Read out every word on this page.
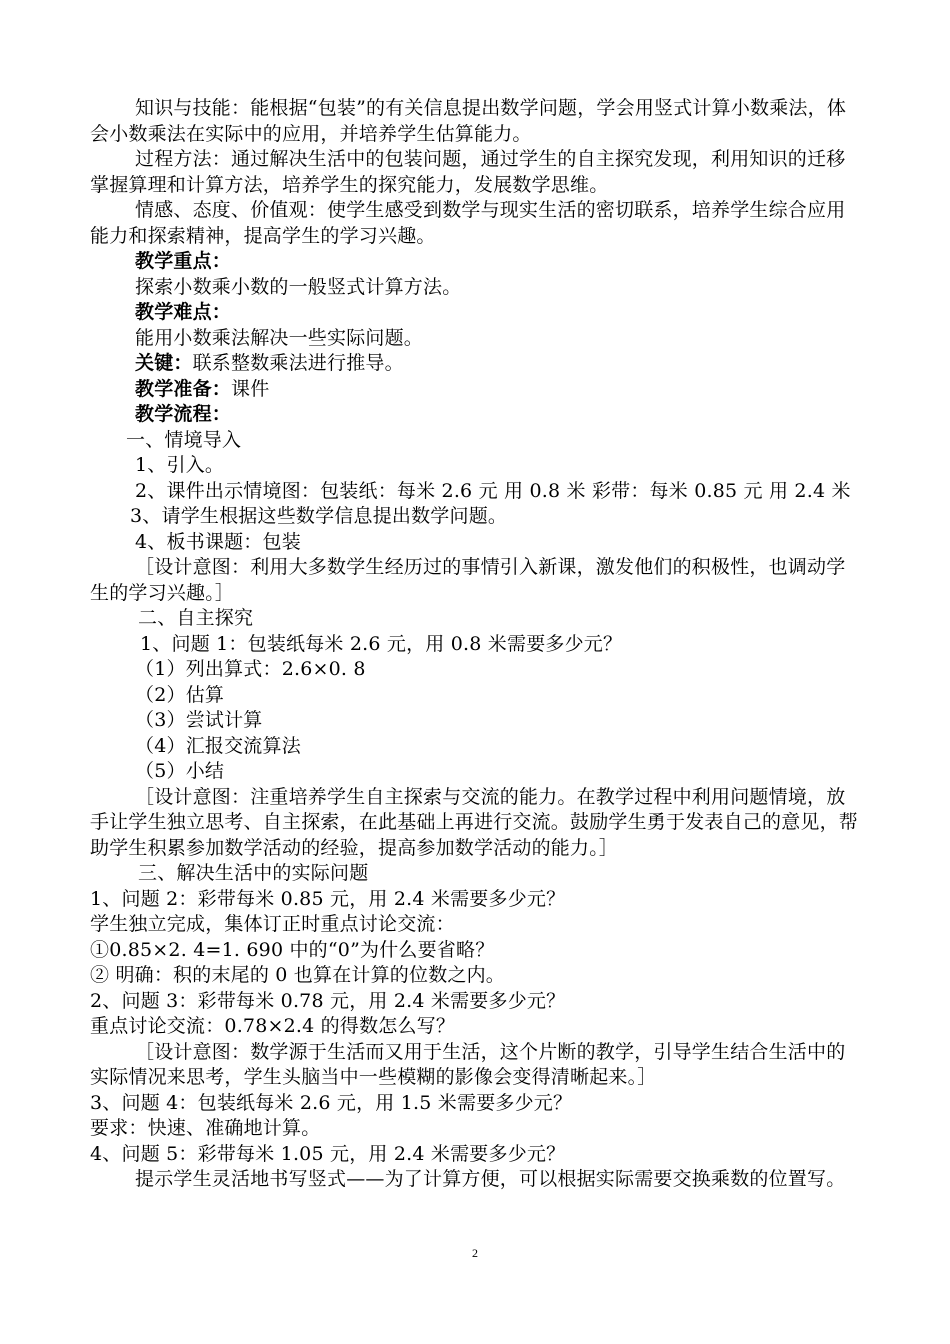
知识与技能：能根据“包装”的有关信息提出数学问题，学会用竖式计算小数乘法，体会小数乘法在实际中的应用，并培养学生估算能力。

过程方法：通过解决生活中的包装问题，通过学生的自主探究发现，利用知识的迁移掌握算理和计算方法，培养学生的探究能力，发展数学思维。

情感、态度、价值观：使学生感受到数学与现实生活的密切联系，培养学生综合应用能力和探索精神，提高学生的学习兴趣。

教学重点：

探索小数乘小数的一般竖式计算方法。

教学难点：

能用小数乘法解决一些实际问题。

关键：联系整数乘法进行推导。

教学准备：课件

教学流程：

一、情境导入

1、引入。

2、课件出示情境图：包装纸：每米 2.6 元 用 0.8 米 彩带：每米 0.85 元 用 2.4 米

3、请学生根据这些数学信息提出数学问题。

4、板书课题：包装

［设计意图：利用大多数学生经历过的事情引入新课，激发他们的积极性，也调动学生的学习兴趣。］

二、自主探究

1、问题 1：包装纸每米 2.6 元，用 0.8 米需要多少元？

（1）列出算式：2.6×0. 8

（2）估算

（3）尝试计算

（4）汇报交流算法

（5）小结

［设计意图：注重培养学生自主探索与交流的能力。在教学过程中利用问题情境，放手让学生独立思考、自主探索，在此基础上再进行交流。鼓励学生勇于发表自己的意见，帮助学生积累参加数学活动的经验，提高参加数学活动的能力。］

三、解决生活中的实际问题

1、问题 2：彩带每米 0.85 元，用 2.4 米需要多少元？

学生独立完成，集体订正时重点讨论交流：

①0.85×2. 4=1. 690 中的“0”为什么要省略？

② 明确：积的末尾的 0 也算在计算的位数之内。

2、问题 3：彩带每米 0.78 元，用 2.4 米需要多少元？

重点讨论交流：0.78×2.4 的得数怎么写？

［设计意图：数学源于生活而又用于生活，这个片断的教学，引导学生结合生活中的实际情况来思考，学生头脑当中一些模糊的影像会变得清晰起来。］

3、问题 4：包装纸每米 2.6 元，用 1.5 米需要多少元？

要求：快速、准确地计算。

4、问题 5：彩带每米 1.05 元，用 2.4 米需要多少元？

提示学生灵活地书写竖式——为了计算方便，可以根据实际需要交换乘数的位置写。

2
